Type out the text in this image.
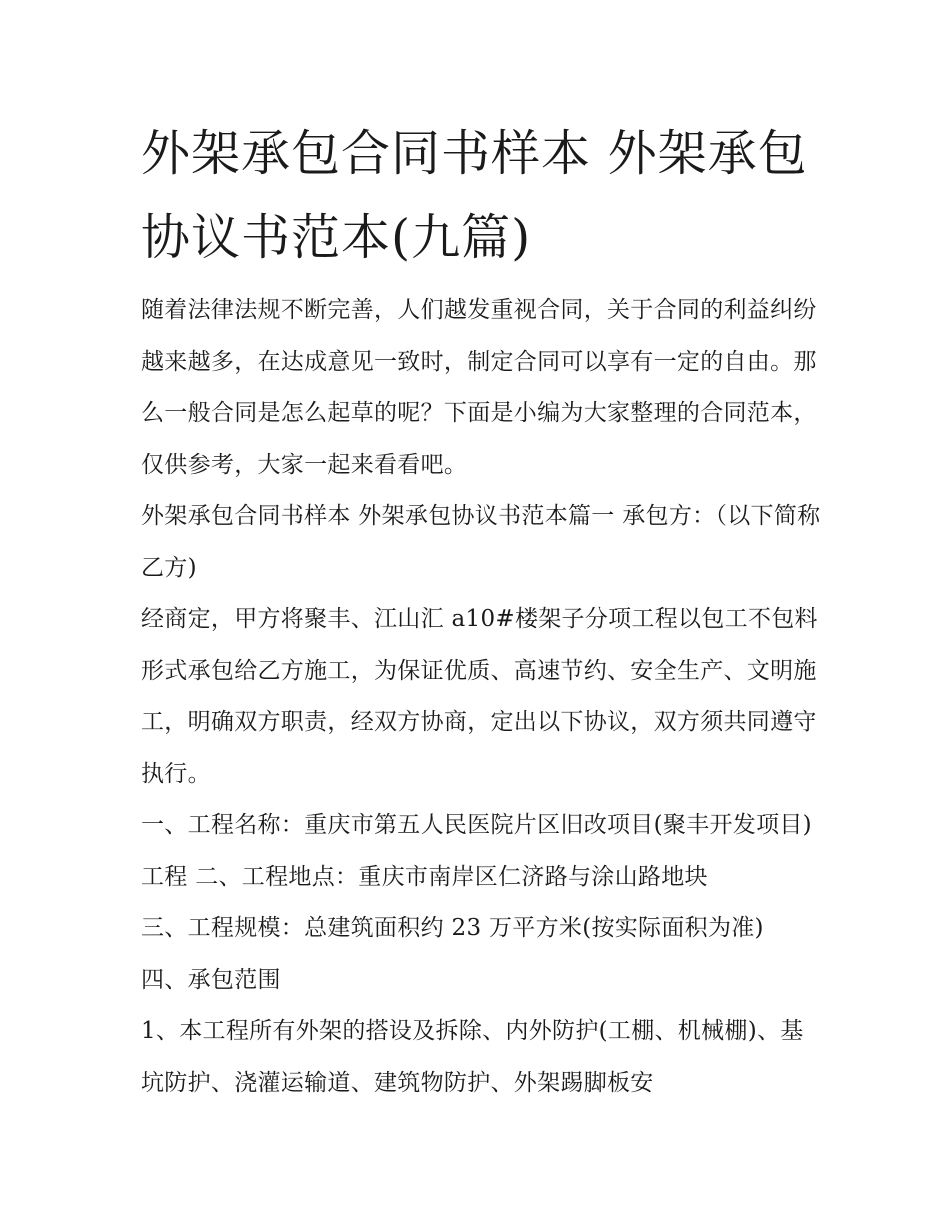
外架承包合同书样本 外架承包协议书范本(九篇)

随着法律法规不断完善，人们越发重视合同，关于合同的利益纠纷越来越多，在达成意见一致时，制定合同可以享有一定的自由。那么一般合同是怎么起草的呢？下面是小编为大家整理的合同范本，仅供参考，大家一起来看看吧。

外架承包合同书样本 外架承包协议书范本篇一 承包方：（以下简称乙方)

经商定，甲方将聚丰、江山汇 a10#楼架子分项工程以包工不包料形式承包给乙方施工，为保证优质、高速节约、安全生产、文明施工，明确双方职责，经双方协商，定出以下协议，双方须共同遵守执行。

一、工程名称：重庆市第五人民医院片区旧改项目(聚丰开发项目)工程 二、工程地点：重庆市南岸区仁济路与涂山路地块

三、工程规模：总建筑面积约 23 万平方米(按实际面积为准)

四、承包范围

1、本工程所有外架的搭设及拆除、内外防护(工棚、机械棚)、基坑防护、浇灌运输道、建筑物防护、外架踢脚板安
